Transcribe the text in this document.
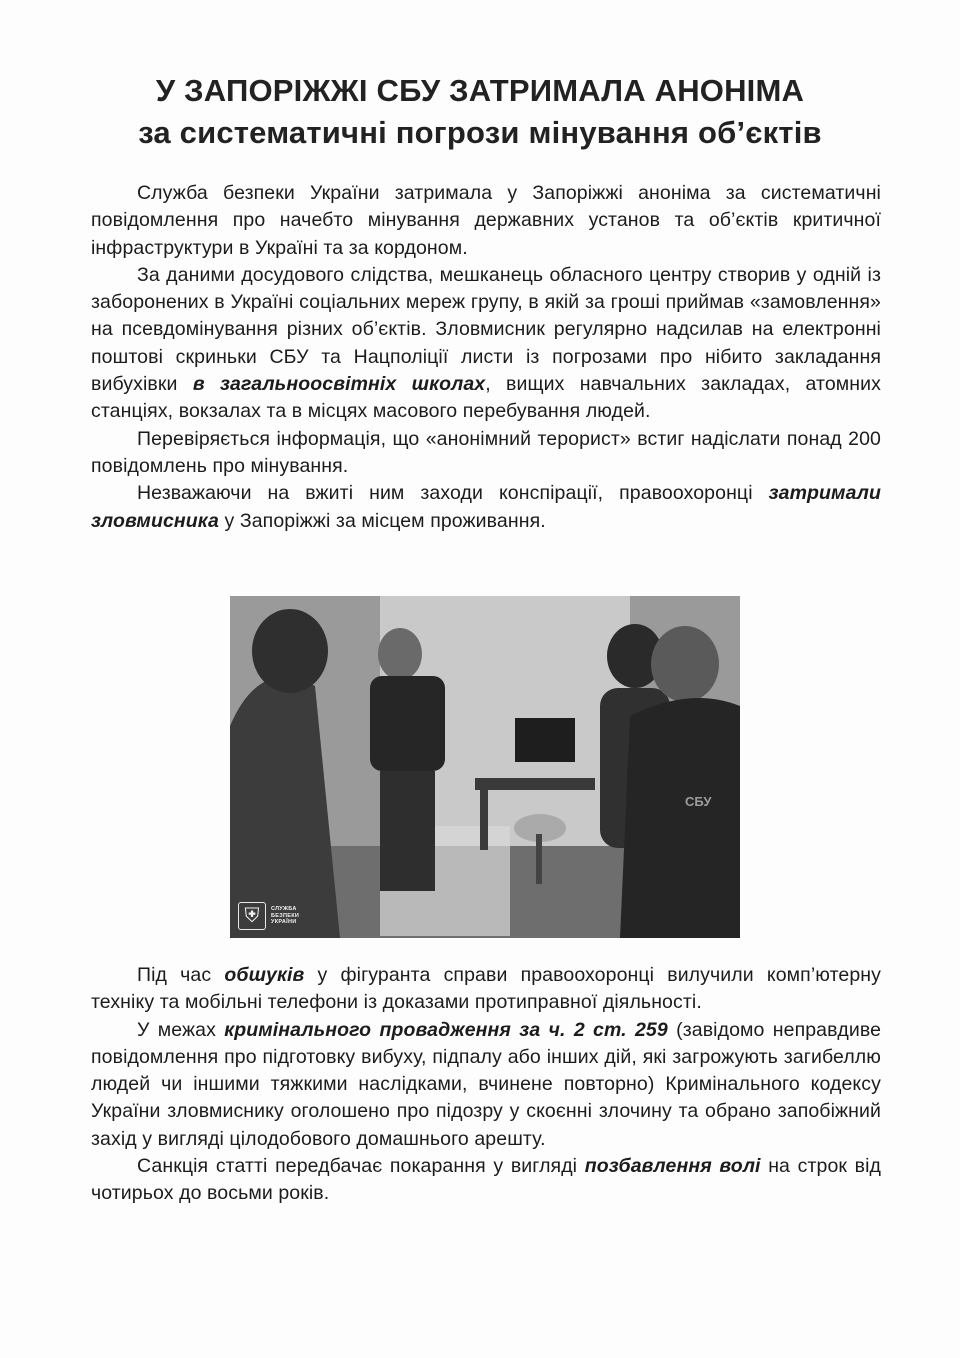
У ЗАПОРІЖЖІ СБУ ЗАТРИМАЛА АНОНІМА
за систематичні погрози мінування об’єктів

Служба безпеки України затримала у Запоріжжі аноніма за систематичні повідомлення про начебто мінування державних установ та об’єктів критичної інфраструктури в Україні та за кордоном.

За даними досудового слідства, мешканець обласного центру створив у одній із заборонених в Україні соціальних мереж групу, в якій за гроші приймав «замовлення» на псевдомінування різних об’єктів. Зловмисник регулярно надсилав на електронні поштові скриньки СБУ та Нацполіції листи із погрозами про нібито закладання вибухівки в загальноосвітніх школах, вищих навчальних закладах, атомних станціях, вокзалах та в місцях масового перебування людей.

Перевіряється інформація, що «анонімний терорист» встиг надіслати понад 200 повідомлень про мінування.

Незважаючи на вжиті ним заходи конспірації, правоохоронці затримали зловмисника у Запоріжжі за місцем проживання.

СБУ
⛨	СЛУЖБА
БЕЗПЕКИ
УКРАЇНИ

Під час обшуків у фігуранта справи правоохоронці вилучили комп’ютерну техніку та мобільні телефони із доказами протиправної діяльності.

У межах кримінального провадження за ч. 2 ст. 259 (завідомо неправдиве повідомлення про підготовку вибуху, підпалу або інших дій, які загрожують загибеллю людей чи іншими тяжкими наслідками, вчинене повторно) Кримінального кодексу України зловмиснику оголошено про підозру у скоєнні злочину та обрано запобіжний захід у вигляді цілодобового домашнього арешту.

Санкція статті передбачає покарання у вигляді позбавлення волі на строк від чотирьох до восьми років.
